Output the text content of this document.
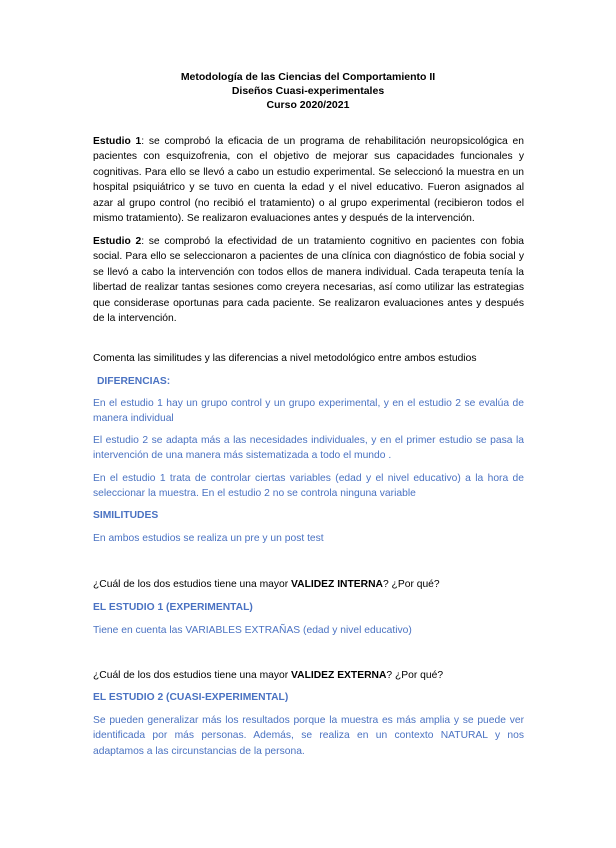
Metodología de las Ciencias del Comportamiento II
Diseños Cuasi-experimentales
Curso 2020/2021
Estudio 1: se comprobó la eficacia de un programa de rehabilitación neuropsicológica en pacientes con esquizofrenia, con el objetivo de mejorar sus capacidades funcionales y cognitivas. Para ello se llevó a cabo un estudio experimental. Se seleccionó la muestra en un hospital psiquiátrico y se tuvo en cuenta la edad y el nivel educativo. Fueron asignados al azar al grupo control (no recibió el tratamiento) o al grupo experimental (recibieron todos el mismo tratamiento). Se realizaron evaluaciones antes y después de la intervención.
Estudio 2: se comprobó la efectividad de un tratamiento cognitivo en pacientes con fobia social. Para ello se seleccionaron a pacientes de una clínica con diagnóstico de fobia social y se llevó a cabo la intervención con todos ellos de manera individual. Cada terapeuta tenía la libertad de realizar tantas sesiones como creyera necesarias, así como utilizar las estrategias que considerase oportunas para cada paciente. Se realizaron evaluaciones antes y después de la intervención.
Comenta las similitudes y las diferencias a nivel metodológico entre ambos estudios
DIFERENCIAS:
En el estudio 1 hay un grupo control y un grupo experimental, y en el estudio 2 se evalúa de manera individual
El estudio 2 se adapta más a las necesidades individuales, y en el primer estudio se pasa la intervención de una manera más sistematizada a todo el mundo .
En el estudio 1 trata de controlar ciertas variables (edad y el nivel educativo) a la hora de seleccionar la muestra. En el estudio 2 no se controla ninguna variable
SIMILITUDES
En ambos estudios se realiza un pre y un post test
¿Cuál de los dos estudios tiene una mayor VALIDEZ INTERNA? ¿Por qué?
EL ESTUDIO 1 (EXPERIMENTAL)
Tiene en cuenta las VARIABLES EXTRAÑAS (edad y nivel educativo)
¿Cuál de los dos estudios tiene una mayor VALIDEZ EXTERNA? ¿Por qué?
EL ESTUDIO 2 (CUASI-EXPERIMENTAL)
Se pueden generalizar más los resultados porque la muestra es más amplia y se puede ver identificada por más personas. Además, se realiza en un contexto NATURAL y nos adaptamos a las circunstancias de la persona.
